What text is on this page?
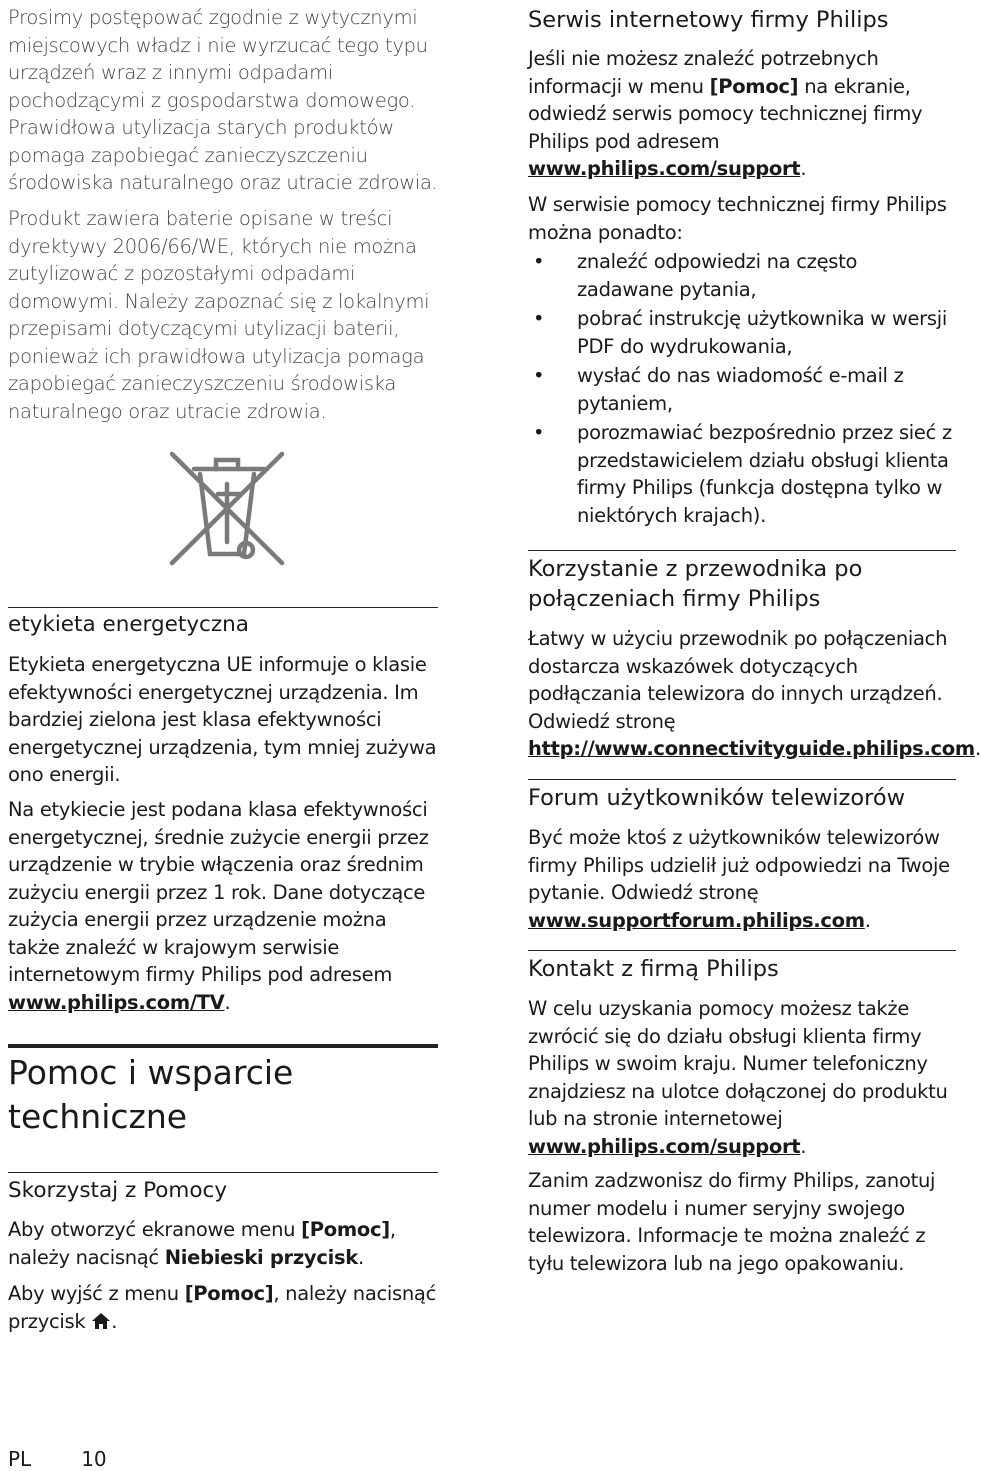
Prosimy postępować zgodnie z wytycznymi miejscowych władz i nie wyrzucać tego typu urządzeń wraz z innymi odpadami pochodzącymi z gospodarstwa domowego. Prawidłowa utylizacja starych produktów pomaga zapobiegać zanieczyszczeniu środowiska naturalnego oraz utracie zdrowia.

Produkt zawiera baterie opisane w treści dyrektywy 2006/66/WE, których nie można zutylizować z pozostałymi odpadami domowymi. Należy zapoznać się z lokalnymi przepisami dotyczącymi utylizacji baterii, ponieważ ich prawidłowa utylizacja pomaga zapobiegać zanieczyszczeniu środowiska naturalnego oraz utracie zdrowia.

etykieta energetyczna

Etykieta energetyczna UE informuje o klasie efektywności energetycznej urządzenia. Im bardziej zielona jest klasa efektywności energetycznej urządzenia, tym mniej zużywa ono energii.

Na etykiecie jest podana klasa efektywności energetycznej, średnie zużycie energii przez urządzenie w trybie włączenia oraz średnim zużyciu energii przez 1 rok. Dane dotyczące zużycia energii przez urządzenie można także znaleźć w krajowym serwisie internetowym firmy Philips pod adresem www.philips.com/TV.

Pomoc i wsparcie
techniczne
Skorzystaj z Pomocy

Aby otworzyć ekranowe menu [Pomoc], należy nacisnąć Niebieski przycisk.

Aby wyjść z menu [Pomoc], należy nacisnąć przycisk .

Serwis internetowy firmy Philips

Jeśli nie możesz znaleźć potrzebnych informacji w menu [Pomoc] na ekranie, odwiedź serwis pomocy technicznej firmy Philips pod adresem www.philips.com/support.

W serwisie pomocy technicznej firmy Philips można ponadto:

• znaleźć odpowiedzi na często zadawane pytania,
• pobrać instrukcję użytkownika w wersji PDF do wydrukowania,
• wysłać do nas wiadomość e-mail z pytaniem,
• porozmawiać bezpośrednio przez sieć z przedstawicielem działu obsługi klienta firmy Philips (funkcja dostępna tylko w niektórych krajach).
Korzystanie z przewodnika po
połączeniach firmy Philips

Łatwy w użyciu przewodnik po połączeniach dostarcza wskazówek dotyczących podłączania telewizora do innych urządzeń. Odwiedź stronę http://www.connectivityguide.philips.com.

Forum użytkowników telewizorów

Być może ktoś z użytkowników telewizorów firmy Philips udzielił już odpowiedzi na Twoje pytanie. Odwiedź stronę www.supportforum.philips.com.

Kontakt z firmą Philips

W celu uzyskania pomocy możesz także zwrócić się do działu obsługi klienta firmy Philips w swoim kraju. Numer telefoniczny znajdziesz na ulotce dołączonej do produktu lub na stronie internetowej www.philips.com/support.

Zanim zadzwonisz do firmy Philips, zanotuj numer modelu i numer seryjny swojego telewizora. Informacje te można znaleźć z tyłu telewizora lub na jego opakowaniu.

PL	10
